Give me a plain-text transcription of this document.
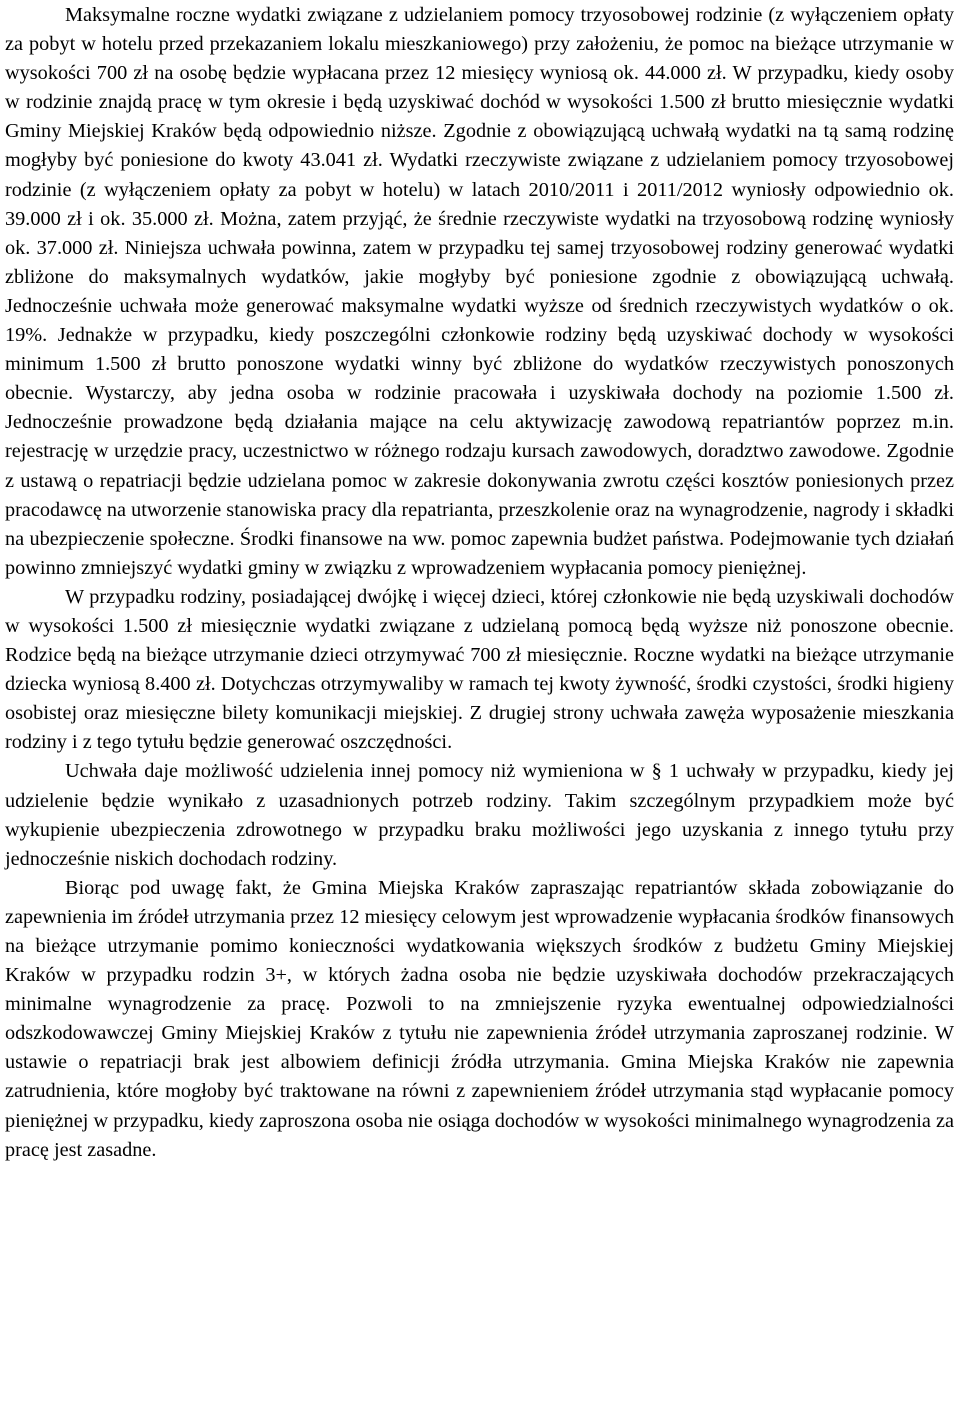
Maksymalne roczne wydatki związane z udzielaniem pomocy trzyosobowej rodzinie (z wyłączeniem opłaty za pobyt w hotelu przed przekazaniem lokalu mieszkaniowego) przy założeniu, że pomoc na bieżące utrzymanie w wysokości 700 zł na osobę będzie wypłacana przez 12 miesięcy wyniosą ok. 44.000 zł. W przypadku, kiedy osoby w rodzinie znajdą pracę w tym okresie i będą uzyskiwać dochód w wysokości 1.500 zł brutto miesięcznie wydatki Gminy Miejskiej Kraków będą odpowiednio niższe. Zgodnie z obowiązującą uchwałą wydatki na tą samą rodzinę mogłyby być poniesione do kwoty 43.041 zł. Wydatki rzeczywiste związane z udzielaniem pomocy trzyosobowej rodzinie (z wyłączeniem opłaty za pobyt w hotelu) w latach 2010/2011 i 2011/2012 wyniosły odpowiednio ok. 39.000 zł i ok. 35.000 zł. Można, zatem przyjąć, że średnie rzeczywiste wydatki na trzyosobową rodzinę wyniosły ok. 37.000 zł. Niniejsza uchwała powinna, zatem w przypadku tej samej trzyosobowej rodziny generować wydatki zbliżone do maksymalnych wydatków, jakie mogłyby być poniesione zgodnie z obowiązującą uchwałą. Jednocześnie uchwała może generować maksymalne wydatki wyższe od średnich rzeczywistych wydatków o ok. 19%. Jednakże w przypadku, kiedy poszczególni członkowie rodziny będą uzyskiwać dochody w wysokości minimum 1.500 zł brutto ponoszone wydatki winny być zbliżone do wydatków rzeczywistych ponoszonych obecnie. Wystarczy, aby jedna osoba w rodzinie pracowała i uzyskiwała dochody na poziomie 1.500 zł. Jednocześnie prowadzone będą działania mające na celu aktywizację zawodową repatriantów poprzez m.in. rejestrację w urzędzie pracy, uczestnictwo w różnego rodzaju kursach zawodowych, doradztwo zawodowe. Zgodnie z ustawą o repatriacji będzie udzielana pomoc w zakresie dokonywania zwrotu części kosztów poniesionych przez pracodawcę na utworzenie stanowiska pracy dla repatrianta, przeszkolenie oraz na wynagrodzenie, nagrody i składki na ubezpieczenie społeczne. Środki finansowe na ww. pomoc zapewnia budżet państwa. Podejmowanie tych działań powinno zmniejszyć wydatki gminy w związku z wprowadzeniem wypłacania pomocy pieniężnej.

W przypadku rodziny, posiadającej dwójkę i więcej dzieci, której członkowie nie będą uzyskiwali dochodów w wysokości 1.500 zł miesięcznie wydatki związane z udzielaną pomocą będą wyższe niż ponoszone obecnie. Rodzice będą na bieżące utrzymanie dzieci otrzymywać 700 zł miesięcznie. Roczne wydatki na bieżące utrzymanie dziecka wyniosą 8.400 zł. Dotychczas otrzymywaliby w ramach tej kwoty żywność, środki czystości, środki higieny osobistej oraz miesięczne bilety komunikacji miejskiej. Z drugiej strony uchwała zawęża wyposażenie mieszkania rodziny i z tego tytułu będzie generować oszczędności.

Uchwała daje możliwość udzielenia innej pomocy niż wymieniona w § 1 uchwały w przypadku, kiedy jej udzielenie będzie wynikało z uzasadnionych potrzeb rodziny. Takim szczególnym przypadkiem może być wykupienie ubezpieczenia zdrowotnego w przypadku braku możliwości jego uzyskania z innego tytułu przy jednocześnie niskich dochodach rodziny.

Biorąc pod uwagę fakt, że Gmina Miejska Kraków zapraszając repatriantów składa zobowiązanie do zapewnienia im źródeł utrzymania przez 12 miesięcy celowym jest wprowadzenie wypłacania środków finansowych na bieżące utrzymanie pomimo konieczności wydatkowania większych środków z budżetu Gminy Miejskiej Kraków w przypadku rodzin 3+, w których żadna osoba nie będzie uzyskiwała dochodów przekraczających minimalne wynagrodzenie za pracę. Pozwoli to na zmniejszenie ryzyka ewentualnej odpowiedzialności odszkodowawczej Gminy Miejskiej Kraków z tytułu nie zapewnienia źródeł utrzymania zaproszanej rodzinie. W ustawie o repatriacji brak jest albowiem definicji źródła utrzymania. Gmina Miejska Kraków nie zapewnia zatrudnienia, które mogłoby być traktowane na równi z zapewnieniem źródeł utrzymania stąd wypłacanie pomocy pieniężnej w przypadku, kiedy zaproszona osoba nie osiąga dochodów w wysokości minimalnego wynagrodzenia za pracę jest zasadne.
